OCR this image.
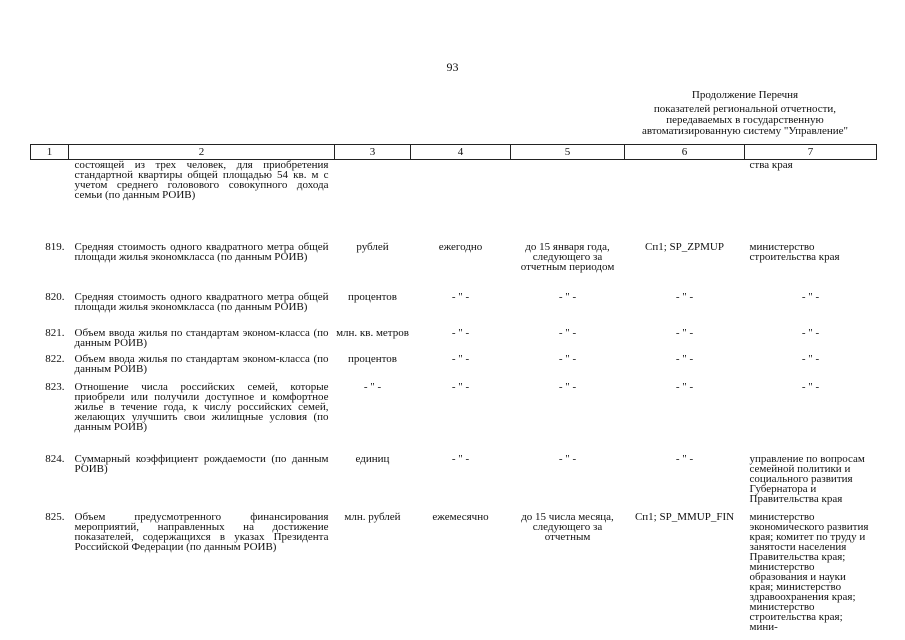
93
Продолжение Перечня
показателей региональной отчетности,
передаваемых в государственную
автоматизированную систему "Управление"
1	2	3	4	5	6	7
	состоящей из трех человек, для приобретения стандартной квартиры общей площадью 54 кв. м с учетом среднего головового совокупного дохода семьи (по данным РОИВ)					ства края
819.	Средняя стоимость одного квадратного метра общей площади жилья экономкласса (по данным РОИВ)	рублей	ежегодно	до 15 января года, следующего за отчетным периодом	Сп1; SP_ZPMUP	министерство строительства края
820.	Средняя стоимость одного квадратного метра общей площади жилья экономкласса (по данным РОИВ)	процентов	- " -	- " -	- " -	- " -
821.	Объем ввода жилья по стандартам эконом-класса (по данным РОИВ)	млн. кв. метров	- " -	- " -	- " -	- " -
822.	Объем ввода жилья по стандартам эконом-класса (по данным РОИВ)	процентов	- " -	- " -	- " -	- " -
823.	Отношение числа российских семей, которые приобрели или получили доступное и комфортное жилье в течение года, к числу российских семей, желающих улучшить свои жилищные условия (по данным РОИВ)	- " -	- " -	- " -	- " -	- " -
824.	Суммарный коэффициент рождаемости (по данным РОИВ)	единиц	- " -	- " -	- " -	управление по вопросам семейной политики и социального развития Губернатора и Правительства края
825.	Объем предусмотренного финансирования мероприятий, направленных на достижение показателей, содержащихся в указах Президента Российской Федерации (по данным РОИВ)	млн. рублей	ежемесячно	до 15 числа месяца, следующего за отчетным	Сп1; SP_MMUP_FIN	министерство экономического развития края; комитет по труду и занятости населения Правительства края; министерство образования и науки края; министерство здравоохранения края; министерство строительства края; мини-
